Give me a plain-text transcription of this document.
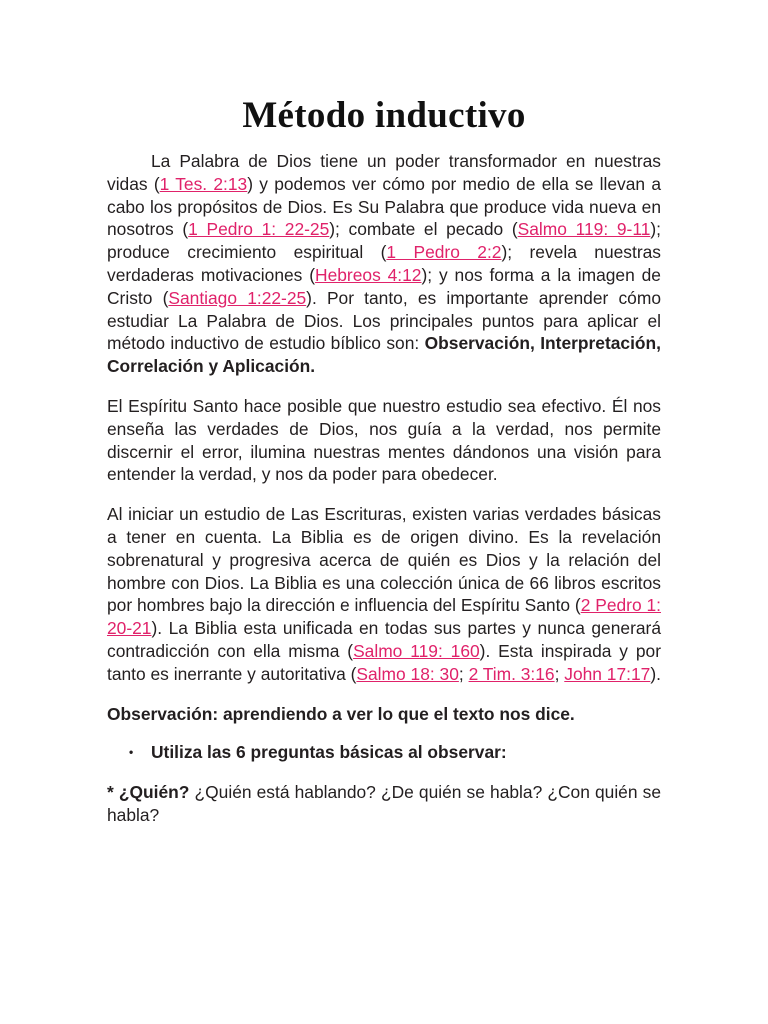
Método inductivo

La Palabra de Dios tiene un poder transformador en nuestras vidas (1 Tes. 2:13) y podemos ver cómo por medio de ella se llevan a cabo los propósitos de Dios. Es Su Palabra que produce vida nueva en nosotros (1 Pedro 1: 22-25); combate el pecado (Salmo 119: 9-11); produce crecimiento espiritual (1 Pedro 2:2); revela nuestras verdaderas motivaciones (Hebreos 4:12); y nos forma a la imagen de Cristo (Santiago 1:22-25). Por tanto, es importante aprender cómo estudiar La Palabra de Dios. Los principales puntos para aplicar el método inductivo de estudio bíblico son: Observación, Interpretación, Correlación y Aplicación.

El Espíritu Santo hace posible que nuestro estudio sea efectivo. Él nos enseña las verdades de Dios, nos guía a la verdad, nos permite discernir el error, ilumina nuestras mentes dándonos una visión para entender la verdad, y nos da poder para obedecer.

Al iniciar un estudio de Las Escrituras, existen varias verdades básicas a tener en cuenta. La Biblia es de origen divino. Es la revelación sobrenatural y progresiva acerca de quién es Dios y la relación del hombre con Dios. La Biblia es una colección única de 66 libros escritos por hombres bajo la dirección e influencia del Espíritu Santo (2 Pedro 1: 20-21). La Biblia esta unificada en todas sus partes y nunca generará contradicción con ella misma (Salmo 119: 160). Esta inspirada y por tanto es inerrante y autoritativa (Salmo 18: 30; 2 Tim. 3:16; John 17:17).

Observación: aprendiendo a ver lo que el texto nos dice.

• Utiliza las 6 preguntas básicas al observar:

* ¿Quién? ¿Quién está hablando? ¿De quién se habla? ¿Con quién se habla?
